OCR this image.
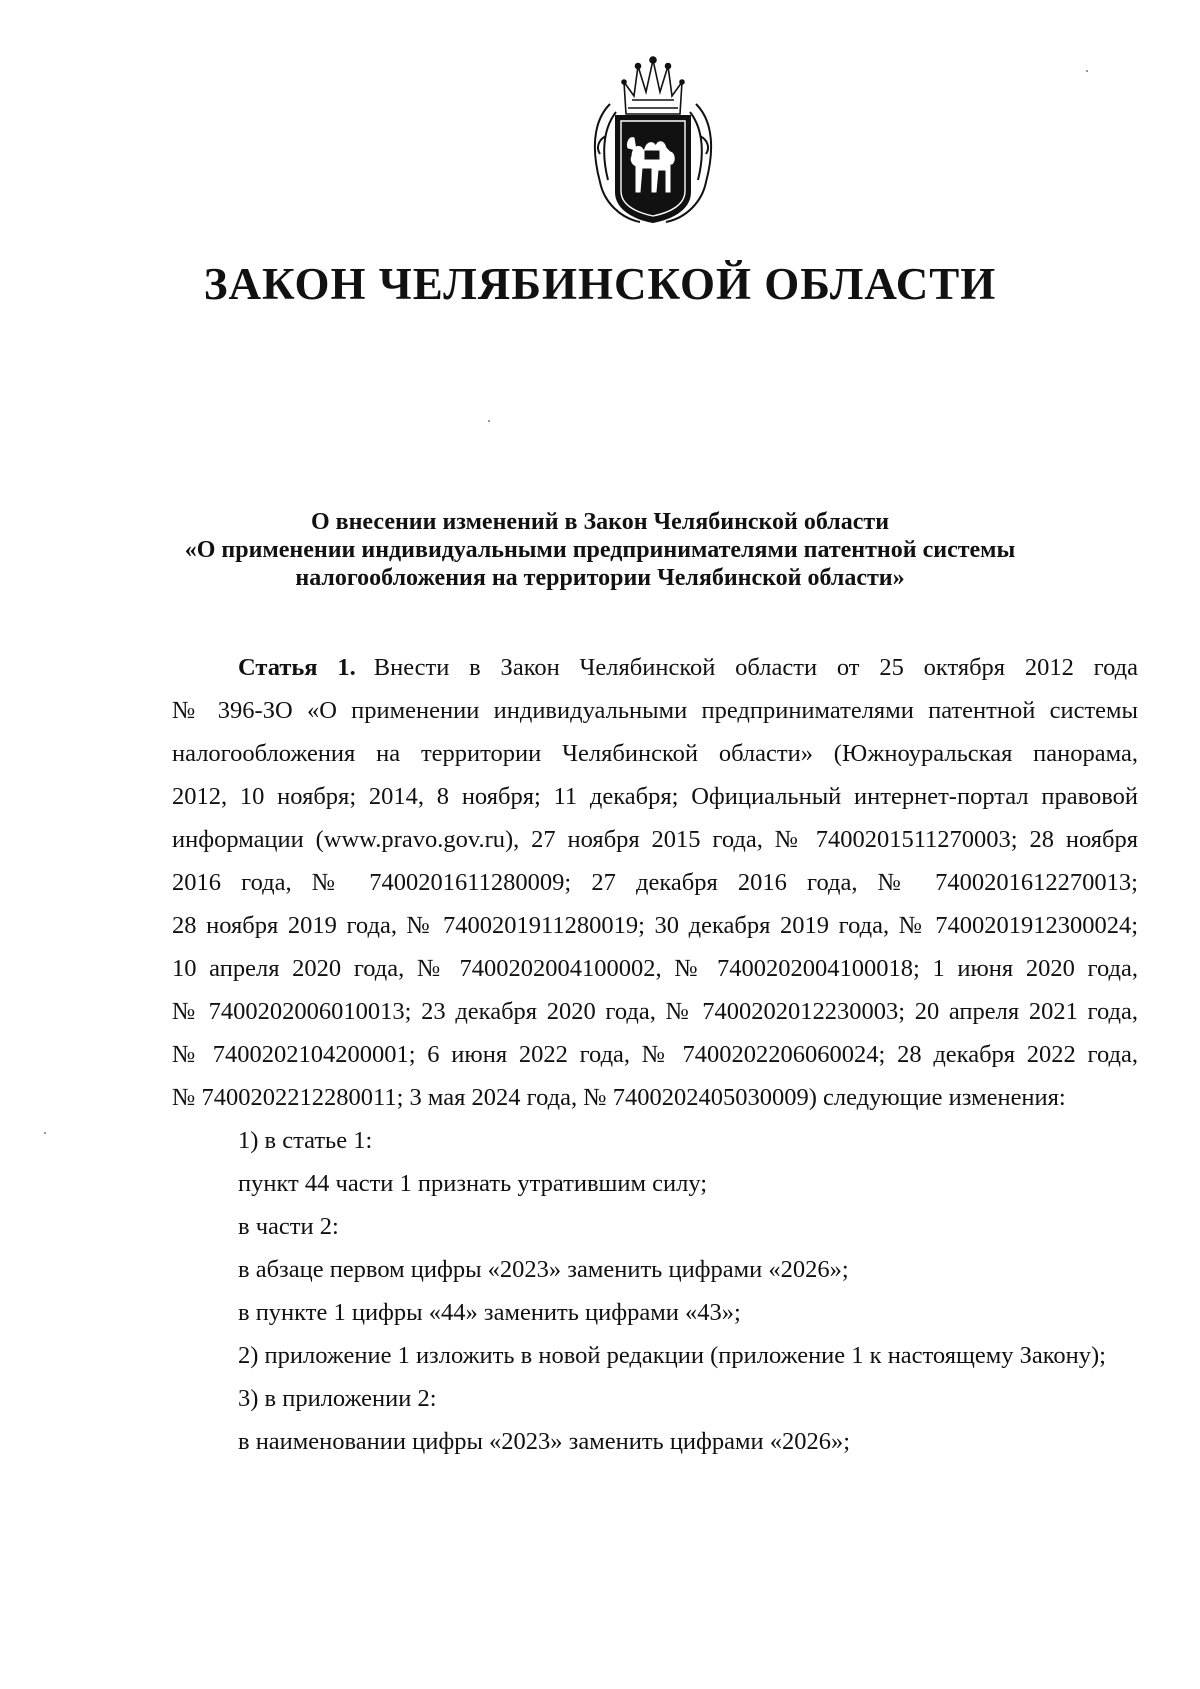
ЗАКОН ЧЕЛЯБИНСКОЙ ОБЛАСТИ
О внесении изменений в Закон Челябинской области
«О применении индивидуальными предпринимателями патентной системы
налогообложения на территории Челябинской области»
Статья 1. Внести в Закон Челябинской области от 25 октября 2012 года
№ 396-ЗО «О применении индивидуальными предпринимателями патентной системы
налогообложения на территории Челябинской области» (Южноуральская панорама,
2012, 10 ноября; 2014, 8 ноября; 11 декабря; Официальный интернет-портал правовой
информации (www.pravo.gov.ru), 27 ноября 2015 года, № 7400201511270003; 28 ноября
2016 года, № 7400201611280009; 27 декабря 2016 года, № 7400201612270013;
28 ноября 2019 года, № 7400201911280019; 30 декабря 2019 года, № 7400201912300024;
10 апреля 2020 года, № 7400202004100002, № 7400202004100018; 1 июня 2020 года,
№ 7400202006010013; 23 декабря 2020 года, № 7400202012230003; 20 апреля 2021 года,
№ 7400202104200001; 6 июня 2022 года, № 7400202206060024; 28 декабря 2022 года,
№ 7400202212280011; 3 мая 2024 года, № 7400202405030009) следующие изменения:
1) в статье 1:
пункт 44 части 1 признать утратившим силу;
в части 2:
в абзаце первом цифры «2023» заменить цифрами «2026»;
в пункте 1 цифры «44» заменить цифрами «43»;
2) приложение 1 изложить в новой редакции (приложение 1 к настоящему Закону);
3) в приложении 2:
в наименовании цифры «2023» заменить цифрами «2026»;
